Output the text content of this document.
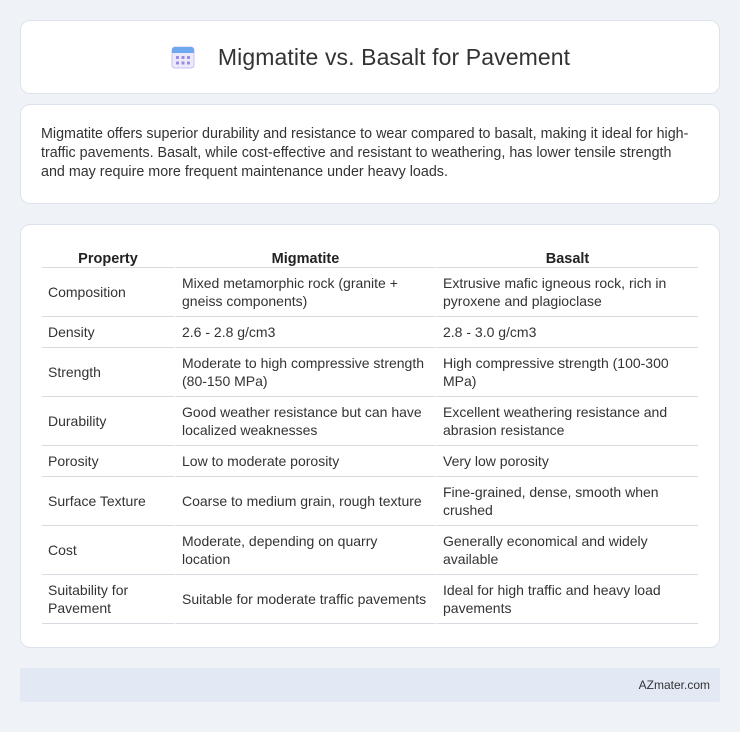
Migmatite vs. Basalt for Pavement

Migmatite offers superior durability and resistance to wear compared to basalt, making it ideal for high-traffic pavements. Basalt, while cost-effective and resistant to weathering, has lower tensile strength and may require more frequent maintenance under heavy loads.

Property	Migmatite	Basalt
Composition	Mixed metamorphic rock (granite + gneiss components)	Extrusive mafic igneous rock, rich in pyroxene and plagioclase
Density	2.6 - 2.8 g/cm3	2.8 - 3.0 g/cm3
Strength	Moderate to high compressive strength (80-150 MPa)	High compressive strength (100-300 MPa)
Durability	Good weather resistance but can have localized weaknesses	Excellent weathering resistance and abrasion resistance
Porosity	Low to moderate porosity	Very low porosity
Surface Texture	Coarse to medium grain, rough texture	Fine-grained, dense, smooth when crushed
Cost	Moderate, depending on quarry location	Generally economical and widely available
Suitability for Pavement	Suitable for moderate traffic pavements	Ideal for high traffic and heavy load pavements
AZmater.com
